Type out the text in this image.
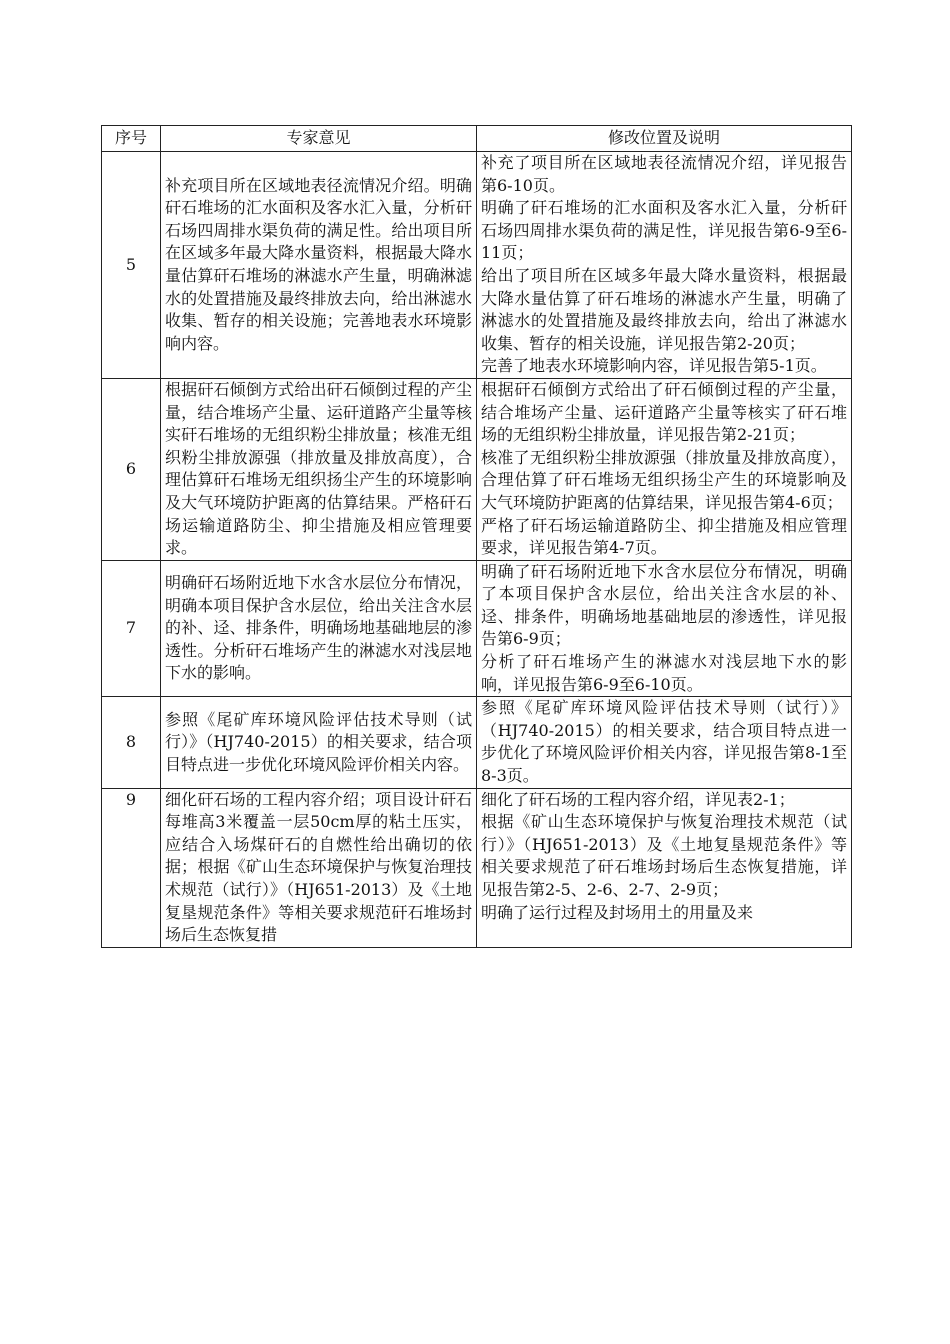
序号	专家意见	修改位置及说明
5	补充项目所在区域地表径流情况介绍。明确矸石堆场的汇水面积及客水汇入量，分析矸石场四周排水渠负荷的满足性。给出项目所在区域多年最大降水量资料，根据最大降水量估算矸石堆场的淋滤水产生量，明确淋滤水的处置措施及最终排放去向，给出淋滤水收集、暂存的相关设施；完善地表水环境影响内容。	补充了项目所在区域地表径流情况介绍，详见报告第6-10页。
明确了矸石堆场的汇水面积及客水汇入量，分析矸石场四周排水渠负荷的满足性，详见报告第6-9至6-11页；
给出了项目所在区域多年最大降水量资料，根据最大降水量估算了矸石堆场的淋滤水产生量，明确了淋滤水的处置措施及最终排放去向，给出了淋滤水收集、暂存的相关设施，详见报告第2-20页；
完善了地表水环境影响内容，详见报告第5-1页。

6	根据矸石倾倒方式给出矸石倾倒过程的产尘量，结合堆场产尘量、运矸道路产尘量等核实矸石堆场的无组织粉尘排放量；核准无组织粉尘排放源强（排放量及排放高度），合理估算矸石堆场无组织扬尘产生的环境影响及大气环境防护距离的估算结果。严格矸石场运输道路防尘、抑尘措施及相应管理要求。	根据矸石倾倒方式给出了矸石倾倒过程的产尘量，结合堆场产尘量、运矸道路产尘量等核实了矸石堆场的无组织粉尘排放量，详见报告第2-21页；
核准了无组织粉尘排放源强（排放量及排放高度），合理估算了矸石堆场无组织扬尘产生的环境影响及大气环境防护距离的估算结果，详见报告第4-6页；
严格了矸石场运输道路防尘、抑尘措施及相应管理要求，详见报告第4-7页。

7	明确矸石场附近地下水含水层位分布情况，明确本项目保护含水层位，给出关注含水层的补、迳、排条件，明确场地基础地层的渗透性。分析矸石堆场产生的淋滤水对浅层地下水的影响。	明确了矸石场附近地下水含水层位分布情况，明确了本项目保护含水层位，给出关注含水层的补、迳、排条件，明确场地基础地层的渗透性，详见报告第6-9页；
分析了矸石堆场产生的淋滤水对浅层地下水的影响，详见报告第6-9至6-10页。

8	参照《尾矿库环境风险评估技术导则（试行）》（HJ740-2015）的相关要求，结合项目特点进一步优化环境风险评价相关内容。	参照《尾矿库环境风险评估技术导则（试行）》（HJ740-2015）的相关要求，结合项目特点进一步优化了环境风险评价相关内容，详见报告第8-1至8-3页。

9	细化矸石场的工程内容介绍；项目设计矸石每堆高3米覆盖一层50cm厚的粘土压实，应结合入场煤矸石的自燃性给出确切的依据；根据《矿山生态环境保护与恢复治理技术规范（试行）》（HJ651-2013）及《土地复垦规范条件》等相关要求规范矸石堆场封场后生态恢复措	细化了矸石场的工程内容介绍，详见表2-1；
根据《矿山生态环境保护与恢复治理技术规范（试行）》（HJ651-2013）及《土地复垦规范条件》等相关要求规范了矸石堆场封场后生态恢复措施，详见报告第2-5、2-6、2-7、2-9页；
明确了运行过程及封场用土的用量及来
